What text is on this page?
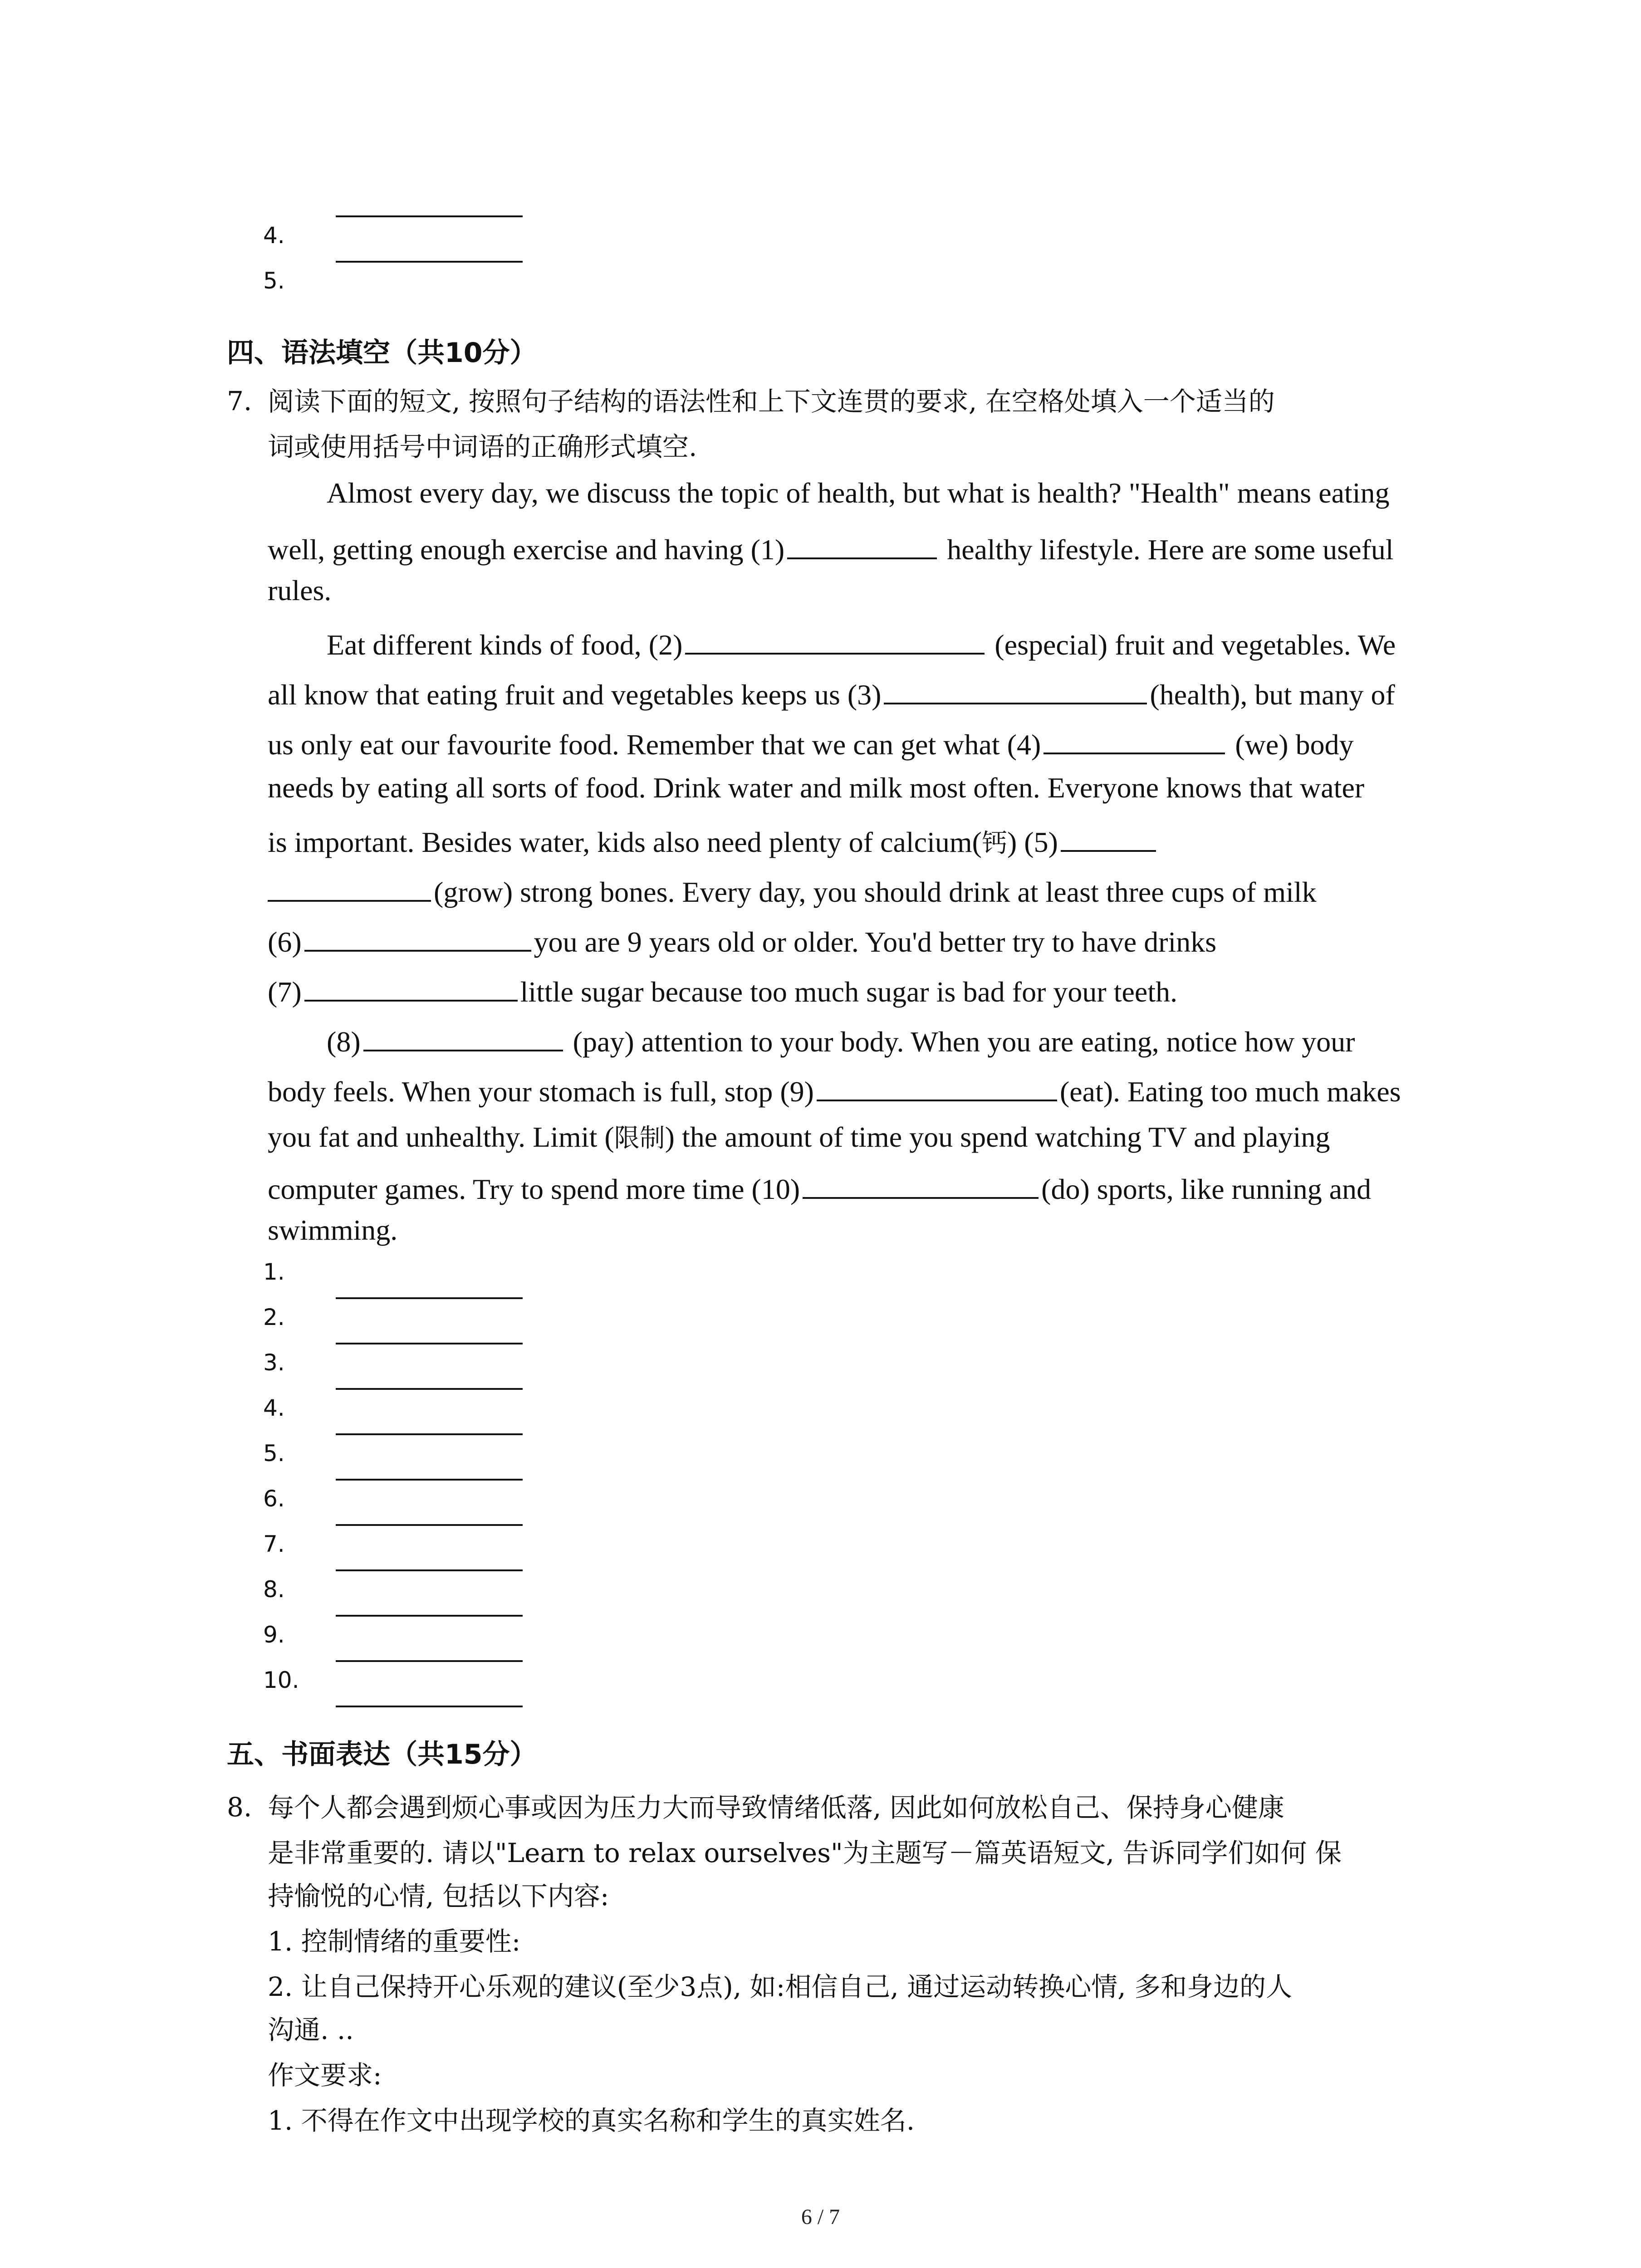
4.
5.
四、语法填空（共10分）
7. 阅读下面的短文, 按照句子结构的语法性和上下文连贯的要求, 在空格处填入一个适当的
词或使用括号中词语的正确形式填空.
Almost every day, we discuss the topic of health, but what is health? "Health" means eating
well, getting enough exercise and having (1)	healthy lifestyle. Here are some useful
rules.
Eat different kinds of food, (2)	(especial) fruit and vegetables. We
all know that eating fruit and vegetables keeps us (3)	(health), but many of
us only eat our favourite food. Remember that we can get what (4)	(we) body
needs by eating all sorts of food. Drink water and milk most often. Everyone knows that water
is important. Besides water, kids also need plenty of calcium(钙) (5)
(grow) strong bones. Every day, you should drink at least three cups of milk
(6)	you are 9 years old or older. You'd better try to have drinks
(7)	little sugar because too much sugar is bad for your teeth.
(8)	(pay) attention to your body. When you are eating, notice how your
body feels. When your stomach is full, stop (9)	(eat). Eating too much makes
you fat and unhealthy. Limit (限制) the amount of time you spend watching TV and playing
computer games. Try to spend more time (10)	(do) sports, like running and
swimming.
1.
2.
3.
4.
5.
6.
7.
8.
9.
10.
五、书面表达（共15分）
8. 每个人都会遇到烦心事或因为压力大而导致情绪低落, 因此如何放松自己、保持身心健康
是非常重要的. 请以"Learn to relax ourselves"为主题写－篇英语短文, 告诉同学们如何 保
持愉悦的心情, 包括以下内容:
1. 控制情绪的重要性:
2. 让自己保持开心乐观的建议(至少3点), 如:相信自己, 通过运动转换心情, 多和身边的人
沟通. ..
作文要求:
1. 不得在作文中出现学校的真实名称和学生的真实姓名.
6 / 7
